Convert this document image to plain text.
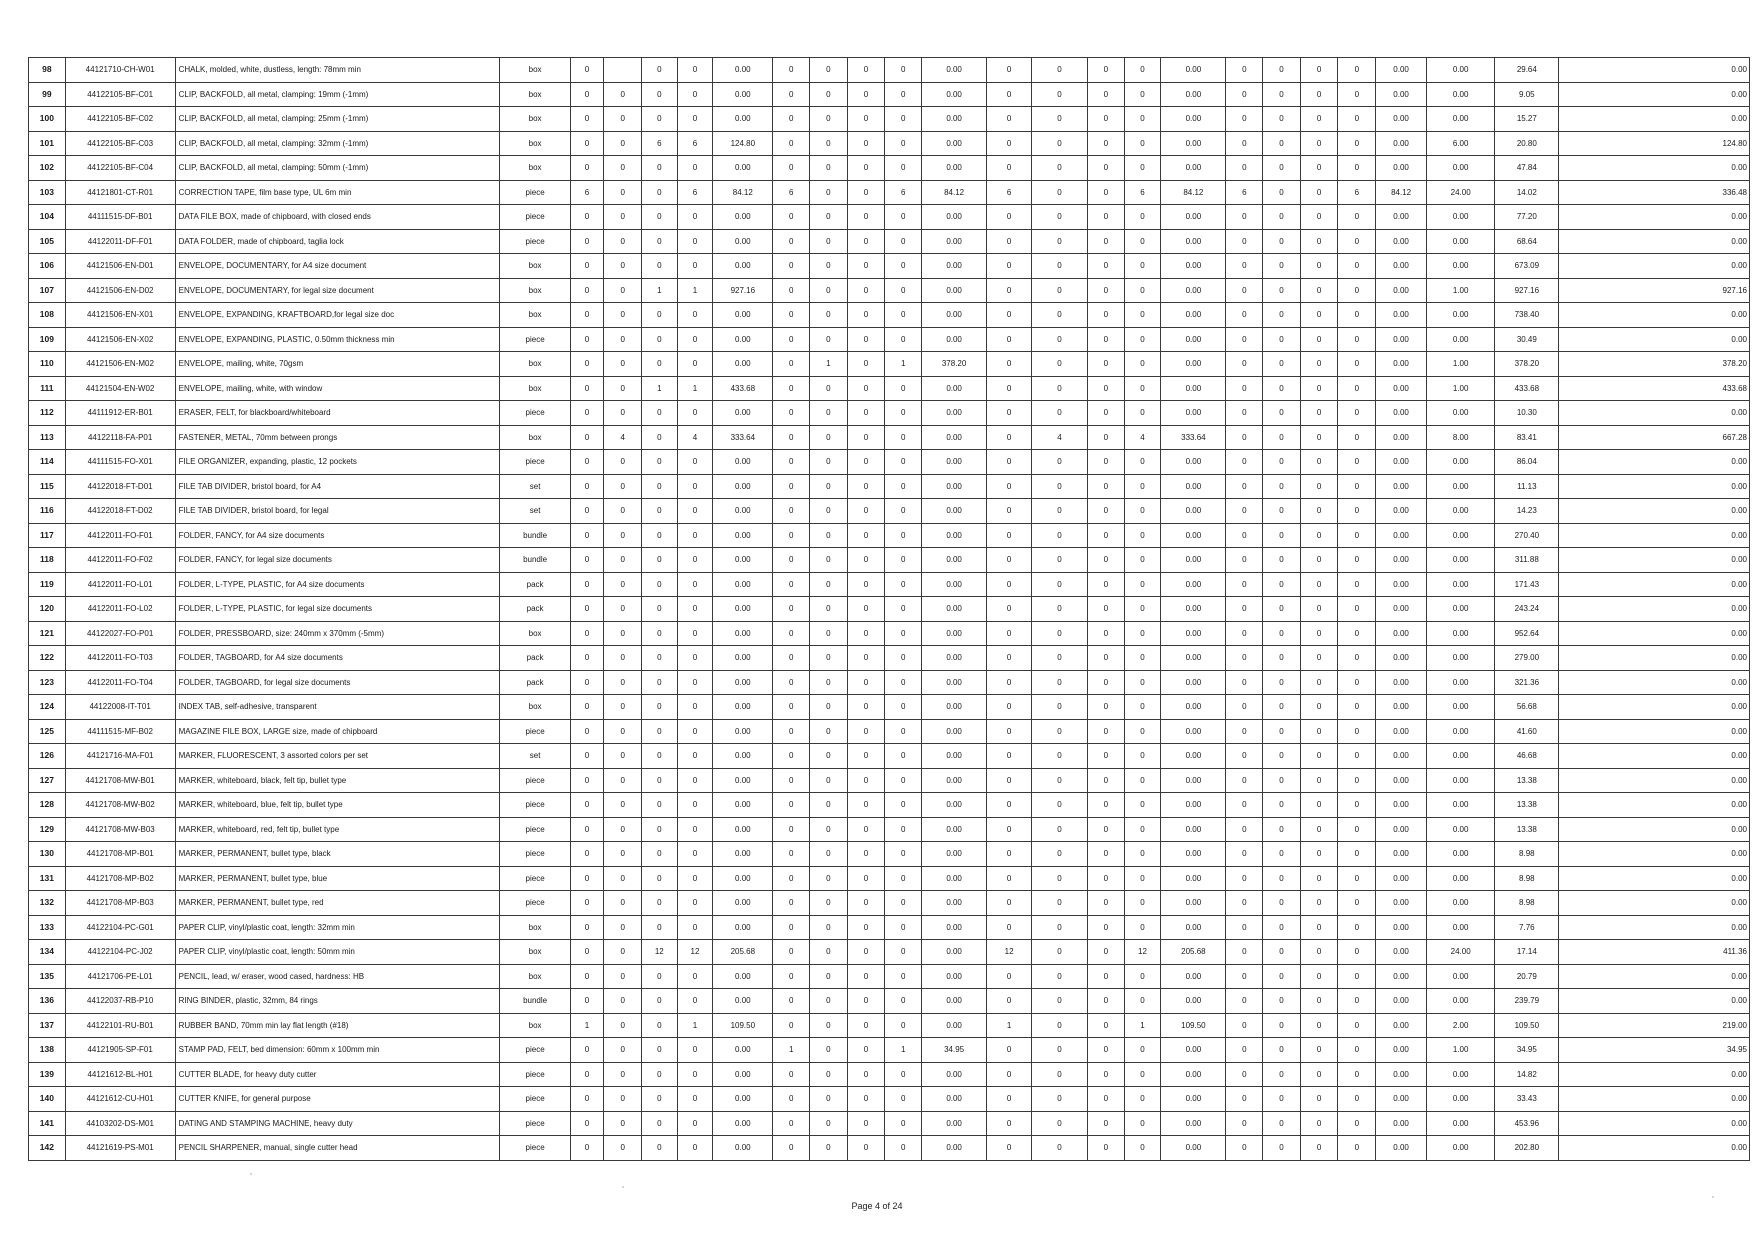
98	44121710-CH-W01	CHALK, molded, white, dustless, length: 78mm min	box	0		0	0	0.00	0	0	0	0	0.00	0	0	0	0	0.00	0	0	0	0	0.00	0.00	29.64	0.00
99	44122105-BF-C01	CLIP, BACKFOLD, all metal, clamping: 19mm (-1mm)	box	0	0	0	0	0.00	0	0	0	0	0.00	0	0	0	0	0.00	0	0	0	0	0.00	0.00	9.05	0.00
100	44122105-BF-C02	CLIP, BACKFOLD, all metal, clamping: 25mm (-1mm)	box	0	0	0	0	0.00	0	0	0	0	0.00	0	0	0	0	0.00	0	0	0	0	0.00	0.00	15.27	0.00
101	44122105-BF-C03	CLIP, BACKFOLD, all metal, clamping: 32mm (-1mm)	box	0	0	6	6	124.80	0	0	0	0	0.00	0	0	0	0	0.00	0	0	0	0	0.00	6.00	20.80	124.80
102	44122105-BF-C04	CLIP, BACKFOLD, all metal, clamping: 50mm (-1mm)	box	0	0	0	0	0.00	0	0	0	0	0.00	0	0	0	0	0.00	0	0	0	0	0.00	0.00	47.84	0.00
103	44121801-CT-R01	CORRECTION TAPE, film base type, UL 6m min	piece	6	0	0	6	84.12	6	0	0	6	84.12	6	0	0	6	84.12	6	0	0	6	84.12	24.00	14.02	336.48
104	44111515-DF-B01	DATA FILE BOX, made of chipboard, with closed ends	piece	0	0	0	0	0.00	0	0	0	0	0.00	0	0	0	0	0.00	0	0	0	0	0.00	0.00	77.20	0.00
105	44122011-DF-F01	DATA FOLDER, made of chipboard, taglia lock	piece	0	0	0	0	0.00	0	0	0	0	0.00	0	0	0	0	0.00	0	0	0	0	0.00	0.00	68.64	0.00
106	44121506-EN-D01	ENVELOPE, DOCUMENTARY, for A4 size document	box	0	0	0	0	0.00	0	0	0	0	0.00	0	0	0	0	0.00	0	0	0	0	0.00	0.00	673.09	0.00
107	44121506-EN-D02	ENVELOPE, DOCUMENTARY, for legal size document	box	0	0	1	1	927.16	0	0	0	0	0.00	0	0	0	0	0.00	0	0	0	0	0.00	1.00	927.16	927.16
108	44121506-EN-X01	ENVELOPE, EXPANDING, KRAFTBOARD,for legal size doc	box	0	0	0	0	0.00	0	0	0	0	0.00	0	0	0	0	0.00	0	0	0	0	0.00	0.00	738.40	0.00
109	44121506-EN-X02	ENVELOPE, EXPANDING, PLASTIC, 0.50mm thickness min	piece	0	0	0	0	0.00	0	0	0	0	0.00	0	0	0	0	0.00	0	0	0	0	0.00	0.00	30.49	0.00
110	44121506-EN-M02	ENVELOPE, mailing, white, 70gsm	box	0	0	0	0	0.00	0	1	0	1	378.20	0	0	0	0	0.00	0	0	0	0	0.00	1.00	378.20	378.20
111	44121504-EN-W02	ENVELOPE, mailing, white, with window	box	0	0	1	1	433.68	0	0	0	0	0.00	0	0	0	0	0.00	0	0	0	0	0.00	1.00	433.68	433.68
112	44111912-ER-B01	ERASER, FELT, for blackboard/whiteboard	piece	0	0	0	0	0.00	0	0	0	0	0.00	0	0	0	0	0.00	0	0	0	0	0.00	0.00	10.30	0.00
113	44122118-FA-P01	FASTENER, METAL, 70mm between prongs	box	0	4	0	4	333.64	0	0	0	0	0.00	0	4	0	4	333.64	0	0	0	0	0.00	8.00	83.41	667.28
114	44111515-FO-X01	FILE ORGANIZER, expanding, plastic, 12 pockets	piece	0	0	0	0	0.00	0	0	0	0	0.00	0	0	0	0	0.00	0	0	0	0	0.00	0.00	86.04	0.00
115	44122018-FT-D01	FILE TAB DIVIDER, bristol board, for A4	set	0	0	0	0	0.00	0	0	0	0	0.00	0	0	0	0	0.00	0	0	0	0	0.00	0.00	11.13	0.00
116	44122018-FT-D02	FILE TAB DIVIDER, bristol board, for legal	set	0	0	0	0	0.00	0	0	0	0	0.00	0	0	0	0	0.00	0	0	0	0	0.00	0.00	14.23	0.00
117	44122011-FO-F01	FOLDER, FANCY, for A4 size documents	bundle	0	0	0	0	0.00	0	0	0	0	0.00	0	0	0	0	0.00	0	0	0	0	0.00	0.00	270.40	0.00
118	44122011-FO-F02	FOLDER, FANCY, for legal size documents	bundle	0	0	0	0	0.00	0	0	0	0	0.00	0	0	0	0	0.00	0	0	0	0	0.00	0.00	311.88	0.00
119	44122011-FO-L01	FOLDER, L-TYPE, PLASTIC, for A4 size documents	pack	0	0	0	0	0.00	0	0	0	0	0.00	0	0	0	0	0.00	0	0	0	0	0.00	0.00	171.43	0.00
120	44122011-FO-L02	FOLDER, L-TYPE, PLASTIC, for legal size documents	pack	0	0	0	0	0.00	0	0	0	0	0.00	0	0	0	0	0.00	0	0	0	0	0.00	0.00	243.24	0.00
121	44122027-FO-P01	FOLDER, PRESSBOARD, size: 240mm x 370mm (-5mm)	box	0	0	0	0	0.00	0	0	0	0	0.00	0	0	0	0	0.00	0	0	0	0	0.00	0.00	952.64	0.00
122	44122011-FO-T03	FOLDER, TAGBOARD, for A4 size documents	pack	0	0	0	0	0.00	0	0	0	0	0.00	0	0	0	0	0.00	0	0	0	0	0.00	0.00	279.00	0.00
123	44122011-FO-T04	FOLDER, TAGBOARD, for legal size documents	pack	0	0	0	0	0.00	0	0	0	0	0.00	0	0	0	0	0.00	0	0	0	0	0.00	0.00	321.36	0.00
124	44122008-IT-T01	INDEX TAB, self-adhesive, transparent	box	0	0	0	0	0.00	0	0	0	0	0.00	0	0	0	0	0.00	0	0	0	0	0.00	0.00	56.68	0.00
125	44111515-MF-B02	MAGAZINE FILE BOX, LARGE size, made of chipboard	piece	0	0	0	0	0.00	0	0	0	0	0.00	0	0	0	0	0.00	0	0	0	0	0.00	0.00	41.60	0.00
126	44121716-MA-F01	MARKER, FLUORESCENT, 3 assorted colors per set	set	0	0	0	0	0.00	0	0	0	0	0.00	0	0	0	0	0.00	0	0	0	0	0.00	0.00	46.68	0.00
127	44121708-MW-B01	MARKER, whiteboard, black, felt tip, bullet type	piece	0	0	0	0	0.00	0	0	0	0	0.00	0	0	0	0	0.00	0	0	0	0	0.00	0.00	13.38	0.00
128	44121708-MW-B02	MARKER, whiteboard, blue, felt tip, bullet type	piece	0	0	0	0	0.00	0	0	0	0	0.00	0	0	0	0	0.00	0	0	0	0	0.00	0.00	13.38	0.00
129	44121708-MW-B03	MARKER, whiteboard, red, felt tip, bullet type	piece	0	0	0	0	0.00	0	0	0	0	0.00	0	0	0	0	0.00	0	0	0	0	0.00	0.00	13.38	0.00
130	44121708-MP-B01	MARKER, PERMANENT, bullet type, black	piece	0	0	0	0	0.00	0	0	0	0	0.00	0	0	0	0	0.00	0	0	0	0	0.00	0.00	8.98	0.00
131	44121708-MP-B02	MARKER, PERMANENT, bullet type, blue	piece	0	0	0	0	0.00	0	0	0	0	0.00	0	0	0	0	0.00	0	0	0	0	0.00	0.00	8.98	0.00
132	44121708-MP-B03	MARKER, PERMANENT, bullet type, red	piece	0	0	0	0	0.00	0	0	0	0	0.00	0	0	0	0	0.00	0	0	0	0	0.00	0.00	8.98	0.00
133	44122104-PC-G01	PAPER CLIP, vinyl/plastic coat, length: 32mm min	box	0	0	0	0	0.00	0	0	0	0	0.00	0	0	0	0	0.00	0	0	0	0	0.00	0.00	7.76	0.00
134	44122104-PC-J02	PAPER CLIP, vinyl/plastic coat, length: 50mm min	box	0	0	12	12	205.68	0	0	0	0	0.00	12	0	0	12	205.68	0	0	0	0	0.00	24.00	17.14	411.36
135	44121706-PE-L01	PENCIL, lead, w/ eraser, wood cased, hardness: HB	box	0	0	0	0	0.00	0	0	0	0	0.00	0	0	0	0	0.00	0	0	0	0	0.00	0.00	20.79	0.00
136	44122037-RB-P10	RING BINDER, plastic, 32mm, 84 rings	bundle	0	0	0	0	0.00	0	0	0	0	0.00	0	0	0	0	0.00	0	0	0	0	0.00	0.00	239.79	0.00
137	44122101-RU-B01	RUBBER BAND, 70mm min lay flat length (#18)	box	1	0	0	1	109.50	0	0	0	0	0.00	1	0	0	1	109.50	0	0	0	0	0.00	2.00	109.50	219.00
138	44121905-SP-F01	STAMP PAD, FELT, bed dimension: 60mm x 100mm min	piece	0	0	0	0	0.00	1	0	0	1	34.95	0	0	0	0	0.00	0	0	0	0	0.00	1.00	34.95	34.95
139	44121612-BL-H01	CUTTER BLADE, for heavy duty cutter	piece	0	0	0	0	0.00	0	0	0	0	0.00	0	0	0	0	0.00	0	0	0	0	0.00	0.00	14.82	0.00
140	44121612-CU-H01	CUTTER KNIFE, for general purpose	piece	0	0	0	0	0.00	0	0	0	0	0.00	0	0	0	0	0.00	0	0	0	0	0.00	0.00	33.43	0.00
141	44103202-DS-M01	DATING AND STAMPING MACHINE, heavy duty	piece	0	0	0	0	0.00	0	0	0	0	0.00	0	0	0	0	0.00	0	0	0	0	0.00	0.00	453.96	0.00
142	44121619-PS-M01	PENCIL SHARPENER, manual, single cutter head	piece	0	0	0	0	0.00	0	0	0	0	0.00	0	0	0	0	0.00	0	0	0	0	0.00	0.00	202.80	0.00
Page 4 of 24
